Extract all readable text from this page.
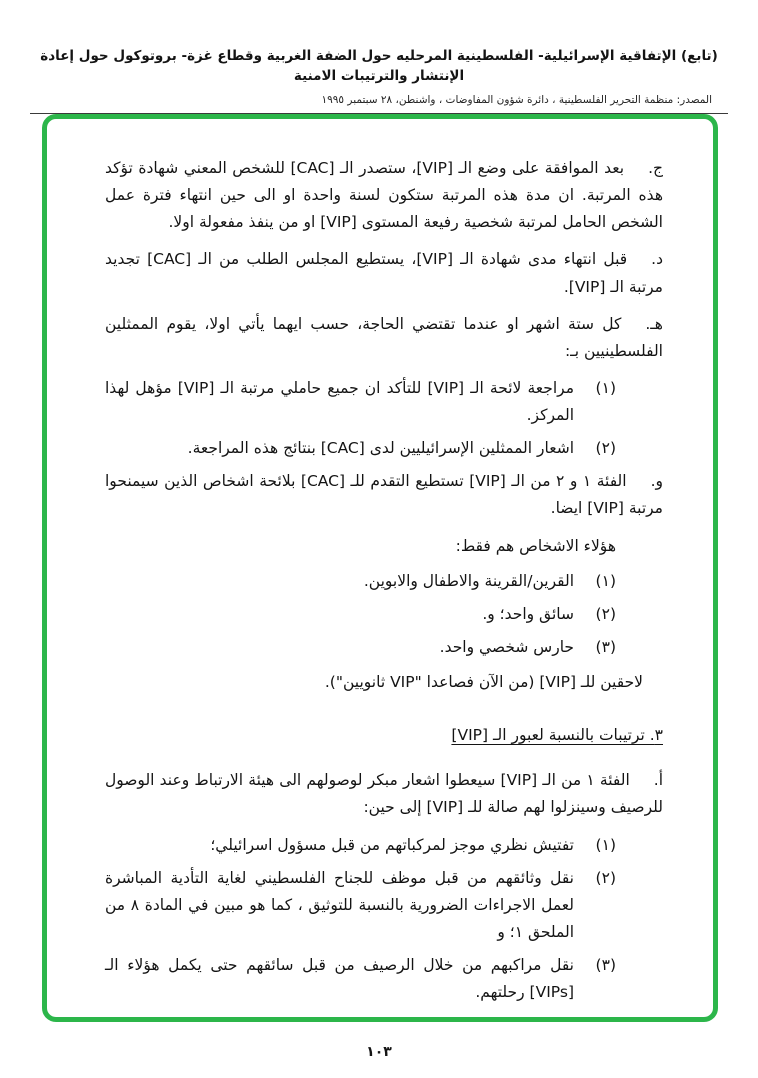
(تابع) الإتفاقية الإسرائيلية- الفلسطينية المرحليه حول الضفة الغربية وقطاع غزة- بروتوكول حول إعادة الإنتشار والترتيبات الامنية
المصدر: منظمة التحرير الفلسطينية ، دائرة شؤون المفاوضات ، واشنطن، ٢٨ سبتمبر ١٩٩٥

ج.بعد الموافقة على وضع الـ [VIP]، ستصدر الـ [CAC] للشخص المعني شهادة تؤكد هذه المرتبة. ان مدة هذه المرتبة ستكون لسنة واحدة او الى حين انتهاء فترة عمل الشخص الحامل لمرتبة شخصية رفيعة المستوى [VIP] او من ينفذ مفعولة اولا.

د.قبل انتهاء مدى شهادة الـ [VIP]، يستطيع المجلس الطلب من الـ [CAC] تجديد مرتبة الـ [VIP].

هـ.كل ستة اشهر او عندما تقتضي الحاجة، حسب ايهما يأتي اولا، يقوم الممثلين الفلسطينيين بـ:

(١)
مراجعة لائحة الـ [VIP] للتأكد ان جميع حاملي مرتبة الـ [VIP] مؤهل لهذا المركز.
(٢)
اشعار الممثلين الإسرائيليين لدى [CAC] بنتائج هذه المراجعة.

و.الفئة ١ و ٢ من الـ [VIP] تستطيع التقدم للـ [CAC] بلائحة اشخاص الذين سيمنحوا مرتبة [VIP] ايضا.

هؤلاء الاشخاص هم فقط:

(١)
القرين/القرينة والاطفال والابوين.
(٢)
سائق واحد؛ و.
(٣)
حارس شخصي واحد.

لاحقين للـ [VIP] (من الآن فصاعدا "VIP ثانويين").

٣. ترتيبات بالنسبة لعبور الـ [VIP]

أ.الفئة ١ من الـ [VIP] سيعطوا اشعار مبكر لوصولهم الى هيئة الارتباط وعند الوصول للرصيف وسينزلوا لهم صالة للـ [VIP] إلى حين:

(١)
تفتيش نظري موجز لمركباتهم من قبل مسؤول اسرائيلي؛
(٢)
نقل وثائقهم من قبل موظف للجناح الفلسطيني لغاية التأدية المباشرة لعمل الاجراءات الضرورية بالنسبة للتوثيق ، كما هو مبين في المادة ٨ من الملحق ١؛ و
(٣)
نقل مراكبهم من خلال الرصيف من قبل سائقهم حتى يكمل هؤلاء الـ [VIPs] رحلتهم.
١٠٣
